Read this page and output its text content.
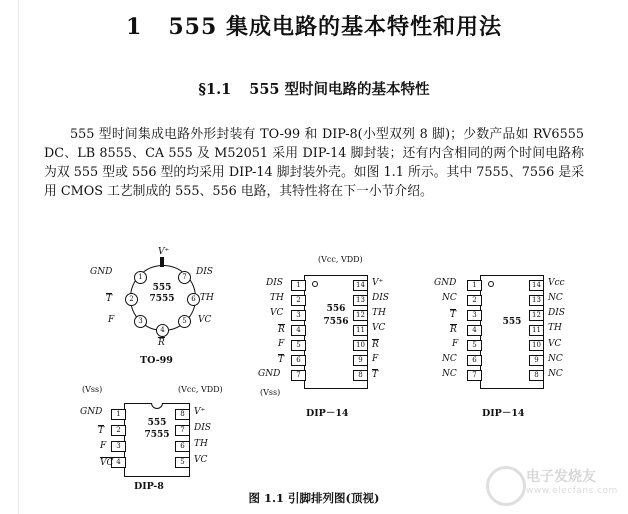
1 555 集成电路的基本特性和用法
§1.1 555 型时间电路的基本特性
555 型时间集成电路外形封装有 TO-99 和 DIP-8(小型双列 8 脚)；少数产品如 RV6555 DC、LB 8555、CA 555 及 M52051 采用 DIP-14 脚封装；还有内含相同的两个时间电路称为双 555 型或 556 型的均采用 DIP-14 脚封装外壳。如图 1.1 所示。其中 7555、7556 是采用 CMOS 工艺制成的 555、556 电路，其特性将在下一小节介绍。
555
7555
1
2
3
4
5
6
7
GND
T
F
R
VC
TH
DIS
V⁺
TO-99
(Vss)	(Vcc, VDD)
555
7555
1
2
3
4
8
7
6
5
GND
T
F
VC
V⁺
DIS
TH
VC
DIP-8
(Vcc, VDD)
556
7556
1
2
3
4
5
6
7
14
13
12
11
10
9
8
DIS
TH
VC
R
F
T
GND
V⁺
DIS
TH
VC
R
F
T
(Vss)
DIP－14
555
1
2
3
4
5
6
7
14
13
12
11
10
9
8
GND
NC
T
R
F
NC
NC
Vcc
NC
DIS
TH
VC
NC
NC
DIP－14
图 1.1 引脚排列图(顶视)
电子发烧友
www.elecfans.com
